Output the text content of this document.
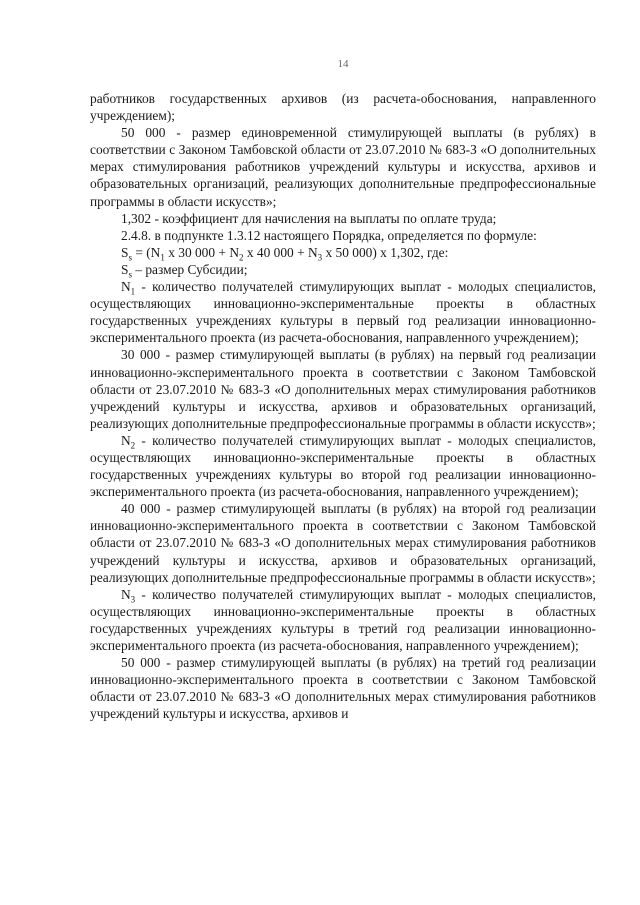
14

работников государственных архивов (из расчета-обоснования, направленного учреждением);

50 000 - размер единовременной стимулирующей выплаты (в рублях) в соответствии с Законом Тамбовской области от 23.07.2010 № 683-З «О дополнительных мерах стимулирования работников учреждений культуры и искусства, архивов и образовательных организаций, реализующих дополнительные предпрофессиональные программы в области искусств»;

1,302 - коэффициент для начисления на выплаты по оплате труда;

2.4.8. в подпункте 1.3.12 настоящего Порядка, определяется по формуле:

$S_s = (N_1$ х 30 $000 + N_2$ х 40 $000 + N_3$ х 50 000) х 1,302, где:

$S_s$ – размер Субсидии;

$N_1$ - количество получателей стимулирующих выплат - молодых специалистов, осуществляющих инновационно-экспериментальные проекты в областных государственных учреждениях культуры в первый год реализации инновационно-экспериментального проекта (из расчета-обоснования, направленного учреждением);

30 000 - размер стимулирующей выплаты (в рублях) на первый год реализации инновационно-экспериментального проекта в соответствии с Законом Тамбовской области от 23.07.2010 № 683-З «О дополнительных мерах стимулирования работников учреждений культуры и искусства, архивов и образовательных организаций, реализующих дополнительные предпрофессиональные программы в области искусств»;

$N_2$ - количество получателей стимулирующих выплат - молодых специалистов, осуществляющих инновационно-экспериментальные проекты в областных государственных учреждениях культуры во второй год реализации инновационно-экспериментального проекта (из расчета-обоснования, направленного учреждением);

40 000 - размер стимулирующей выплаты (в рублях) на второй год реализации инновационно-экспериментального проекта в соответствии с Законом Тамбовской области от 23.07.2010 № 683-З «О дополнительных мерах стимулирования работников учреждений культуры и искусства, архивов и образовательных организаций, реализующих дополнительные предпрофессиональные программы в области искусств»;

$N_3$ - количество получателей стимулирующих выплат - молодых специалистов, осуществляющих инновационно-экспериментальные проекты в областных государственных учреждениях культуры в третий год реализации инновационно-экспериментального проекта (из расчета-обоснования, направленного учреждением);

50 000 - размер стимулирующей выплаты (в рублях) на третий год реализации инновационно-экспериментального проекта в соответствии с Законом Тамбовской области от 23.07.2010 № 683-З «О дополнительных мерах стимулирования работников учреждений культуры и искусства, архивов и
